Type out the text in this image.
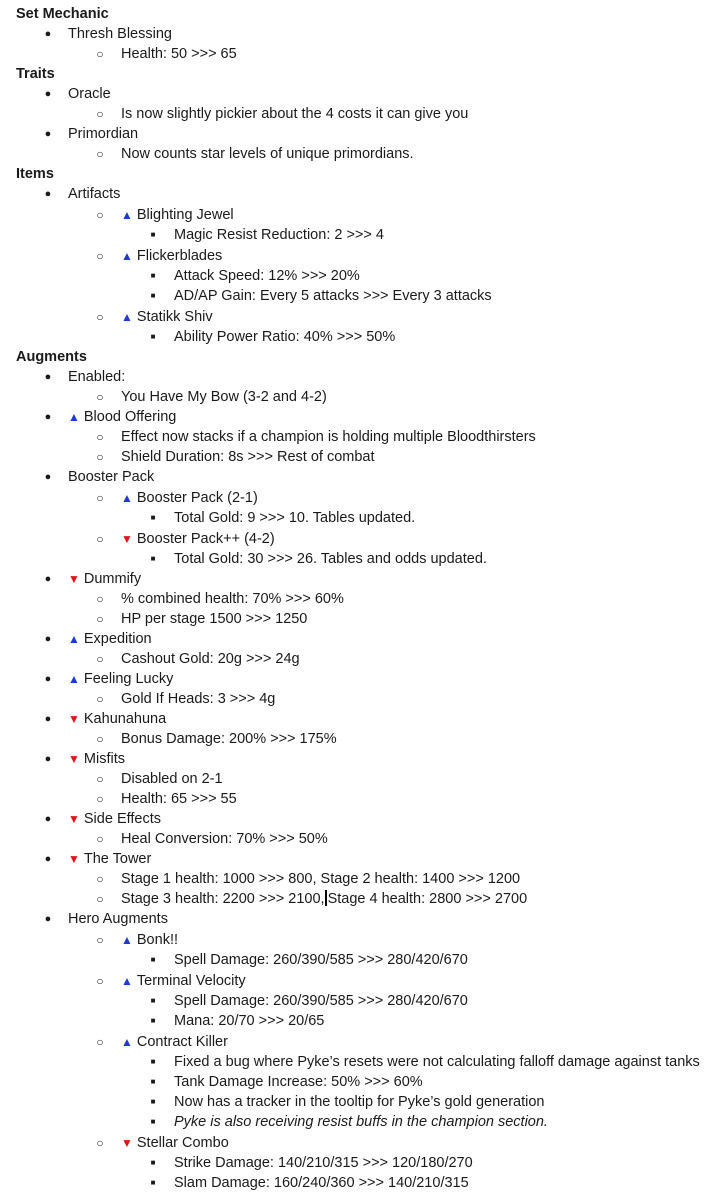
Set Mechanic
● Thresh Blessing
○ Health: 50 >>> 65
Traits
● Oracle
○ Is now slightly pickier about the 4 costs it can give you
● Primordian
○ Now counts star levels of unique primordians.
Items
● Artifacts
○ ▲ Blighting Jewel
■ Magic Resist Reduction: 2 >>> 4
○ ▲ Flickerblades
■ Attack Speed: 12% >>> 20%
■ AD/AP Gain: Every 5 attacks >>> Every 3 attacks
○ ▲ Statikk Shiv
■ Ability Power Ratio: 40% >>> 50%
Augments
● Enabled:
○ You Have My Bow (3-2 and 4-2)
● ▲ Blood Offering
○ Effect now stacks if a champion is holding multiple Bloodthirsters
○ Shield Duration: 8s >>> Rest of combat
● Booster Pack
○ ▲ Booster Pack (2-1)
■ Total Gold: 9 >>> 10. Tables updated.
○ ▼ Booster Pack++ (4-2)
■ Total Gold: 30 >>> 26. Tables and odds updated.
● ▼ Dummify
○ % combined health: 70% >>> 60%
○ HP per stage 1500 >>> 1250
● ▲ Expedition
○ Cashout Gold: 20g >>> 24g
● ▲ Feeling Lucky
○ Gold If Heads: 3 >>> 4g
● ▼ Kahunahuna
○ Bonus Damage: 200% >>> 175%
● ▼ Misfits
○ Disabled on 2-1
○ Health: 65 >>> 55
● ▼ Side Effects
○ Heal Conversion: 70% >>> 50%
● ▼ The Tower
○ Stage 1 health: 1000 >>> 800, Stage 2 health: 1400 >>> 1200
○ Stage 3 health: 2200 >>> 2100, Stage 4 health: 2800 >>> 2700
● Hero Augments
○ ▲ Bonk!!
■ Spell Damage: 260/390/585 >>> 280/420/670
○ ▲ Terminal Velocity
■ Spell Damage: 260/390/585 >>> 280/420/670
■ Mana: 20/70 >>> 20/65
○ ▲ Contract Killer
■ Fixed a bug where Pyke’s resets were not calculating falloff damage against tanks
■ Tank Damage Increase: 50% >>> 60%
■ Now has a tracker in the tooltip for Pyke’s gold generation
■ Pyke is also receiving resist buffs in the champion section.
○ ▼ Stellar Combo
■ Strike Damage: 140/210/315 >>> 120/180/270
■ Slam Damage: 160/240/360 >>> 140/210/315
